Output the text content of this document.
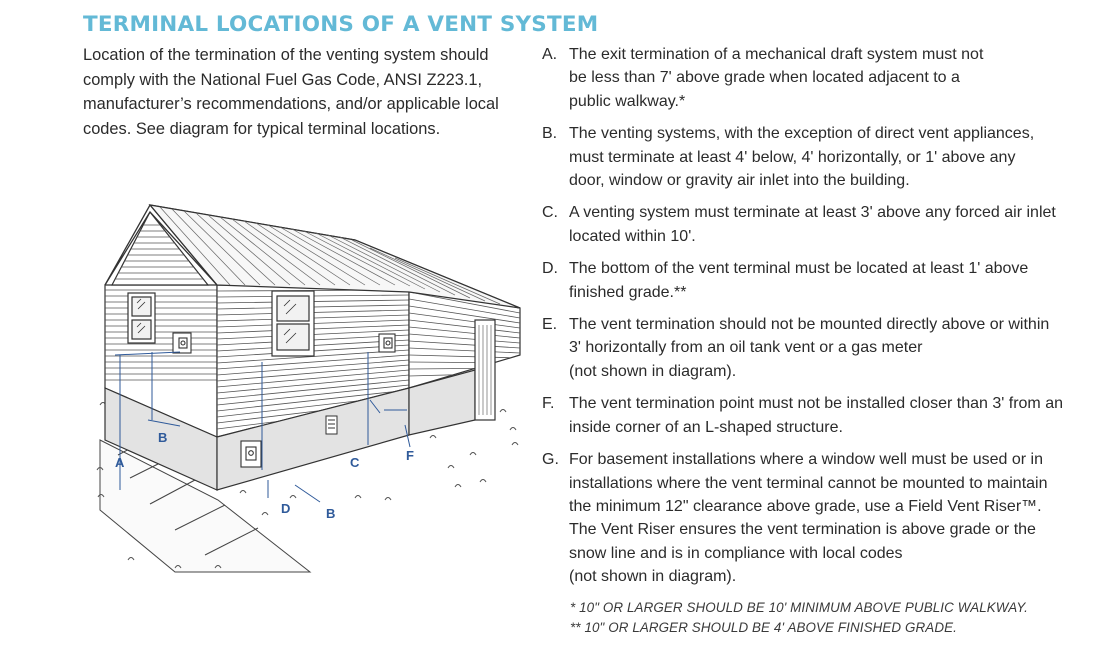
TERMINAL LOCATIONS OF A VENT SYSTEM
Location of the termination of the venting system should
comply with the National Fuel Gas Code, ANSI Z223.1,
manufacturer’s recommendations, and/or applicable local
codes. See diagram for typical terminal locations.
A. The exit termination of a mechanical draft system must not
be less than 7' above grade when located adjacent to a
public walkway.*
B. The venting systems, with the exception of direct vent appliances,
must terminate at least 4' below, 4' horizontally, or 1' above any
door, window or gravity air inlet into the building.
C. A venting system must terminate at least 3' above any forced air inlet
located within 10'.
D. The bottom of the vent terminal must be located at least 1' above
finished grade.**
E. The vent termination should not be mounted directly above or within
3' horizontally from an oil tank vent or a gas meter
(not shown in diagram).
F. The vent termination point must not be installed closer than 3' from an
inside corner of an L-shaped structure.
G. For basement installations where a window well must be used or in
installations where the vent terminal cannot be mounted to maintain
the minimum 12" clearance above grade, use a Field Vent Riser™.
The Vent Riser ensures the vent termination is above grade or the
snow line and is in compliance with local codes
(not shown in diagram).
* 10" OR LARGER SHOULD BE 10' MINIMUM ABOVE PUBLIC WALKWAY.
** 10" OR LARGER SHOULD BE 4' ABOVE FINISHED GRADE.
A
B
B
C
D
F
